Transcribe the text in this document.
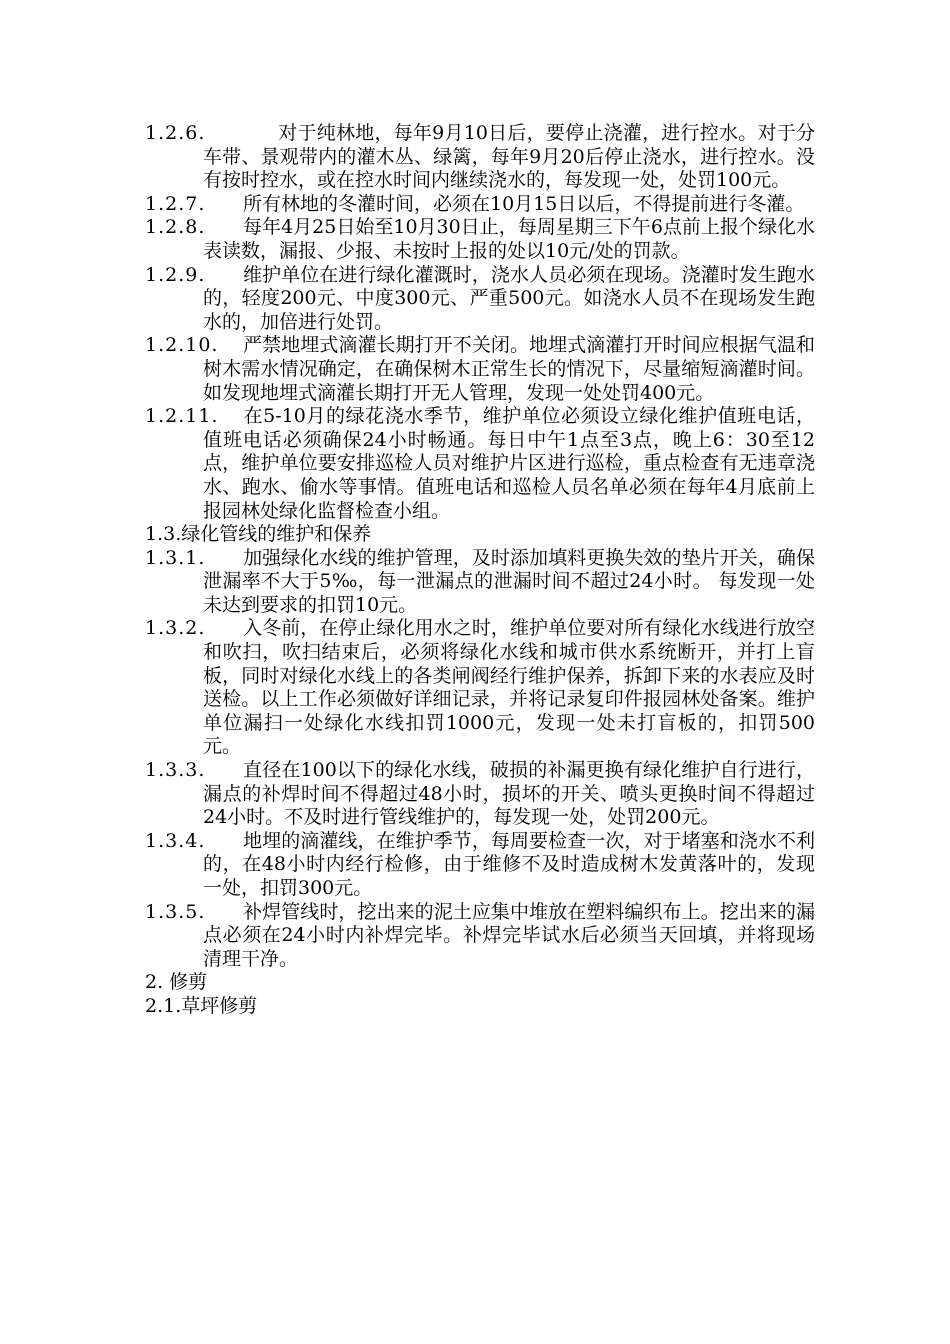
1.2.6.	对于纯林地，每年9月10日后，要停止浇灌，进行控水。对于分车带、景观带内的灌木丛、绿篱，每年9月20后停止浇水，进行控水。没有按时控水，或在控水时间内继续浇水的，每发现一处，处罚100元。

1.2.7. 所有林地的冬灌时间，必须在10月15日以后，不得提前进行冬灌。

1.2.8. 每年4月25日始至10月30日止，每周星期三下午6点前上报个绿化水表读数，漏报、少报、未按时上报的处以10元/处的罚款。

1.2.9. 维护单位在进行绿化灌溉时，浇水人员必须在现场。浇灌时发生跑水的，轻度200元、中度300元、严重500元。如浇水人员不在现场发生跑水的，加倍进行处罚。

1.2.10. 严禁地埋式滴灌长期打开不关闭。地埋式滴灌打开时间应根据气温和树木需水情况确定，在确保树木正常生长的情况下，尽量缩短滴灌时间。如发现地埋式滴灌长期打开无人管理，发现一处处罚400元。

1.2.11. 在5-10月的绿花浇水季节，维护单位必须设立绿化维护值班电话，值班电话必须确保24小时畅通。每日中午1点至3点，晚上6：30至12点，维护单位要安排巡检人员对维护片区进行巡检，重点检查有无违章浇水、跑水、偷水等事情。值班电话和巡检人员名单必须在每年4月底前上报园林处绿化监督检查小组。

1.3.绿化管线的维护和保养

1.3.1. 加强绿化水线的维护管理，及时添加填料更换失效的垫片开关，确保泄漏率不大于5‰，每一泄漏点的泄漏时间不超过24小时。 每发现一处未达到要求的扣罚10元。

1.3.2. 入冬前，在停止绿化用水之时，维护单位要对所有绿化水线进行放空和吹扫，吹扫结束后，必须将绿化水线和城市供水系统断开，并打上盲板，同时对绿化水线上的各类闸阀经行维护保养，拆卸下来的水表应及时送检。以上工作必须做好详细记录，并将记录复印件报园林处备案。维护单位漏扫一处绿化水线扣罚1000元，发现一处未打盲板的，扣罚500元。

1.3.3. 直径在100以下的绿化水线，破损的补漏更换有绿化维护自行进行，漏点的补焊时间不得超过48小时，损坏的开关、喷头更换时间不得超过24小时。不及时进行管线维护的，每发现一处，处罚200元。

1.3.4. 地埋的滴灌线，在维护季节，每周要检查一次，对于堵塞和浇水不利的，在48小时内经行检修，由于维修不及时造成树木发黄落叶的，发现一处，扣罚300元。

1.3.5. 补焊管线时，挖出来的泥土应集中堆放在塑料编织布上。挖出来的漏点必须在24小时内补焊完毕。补焊完毕试水后必须当天回填，并将现场清理干净。

2. 修剪

2.1.草坪修剪
